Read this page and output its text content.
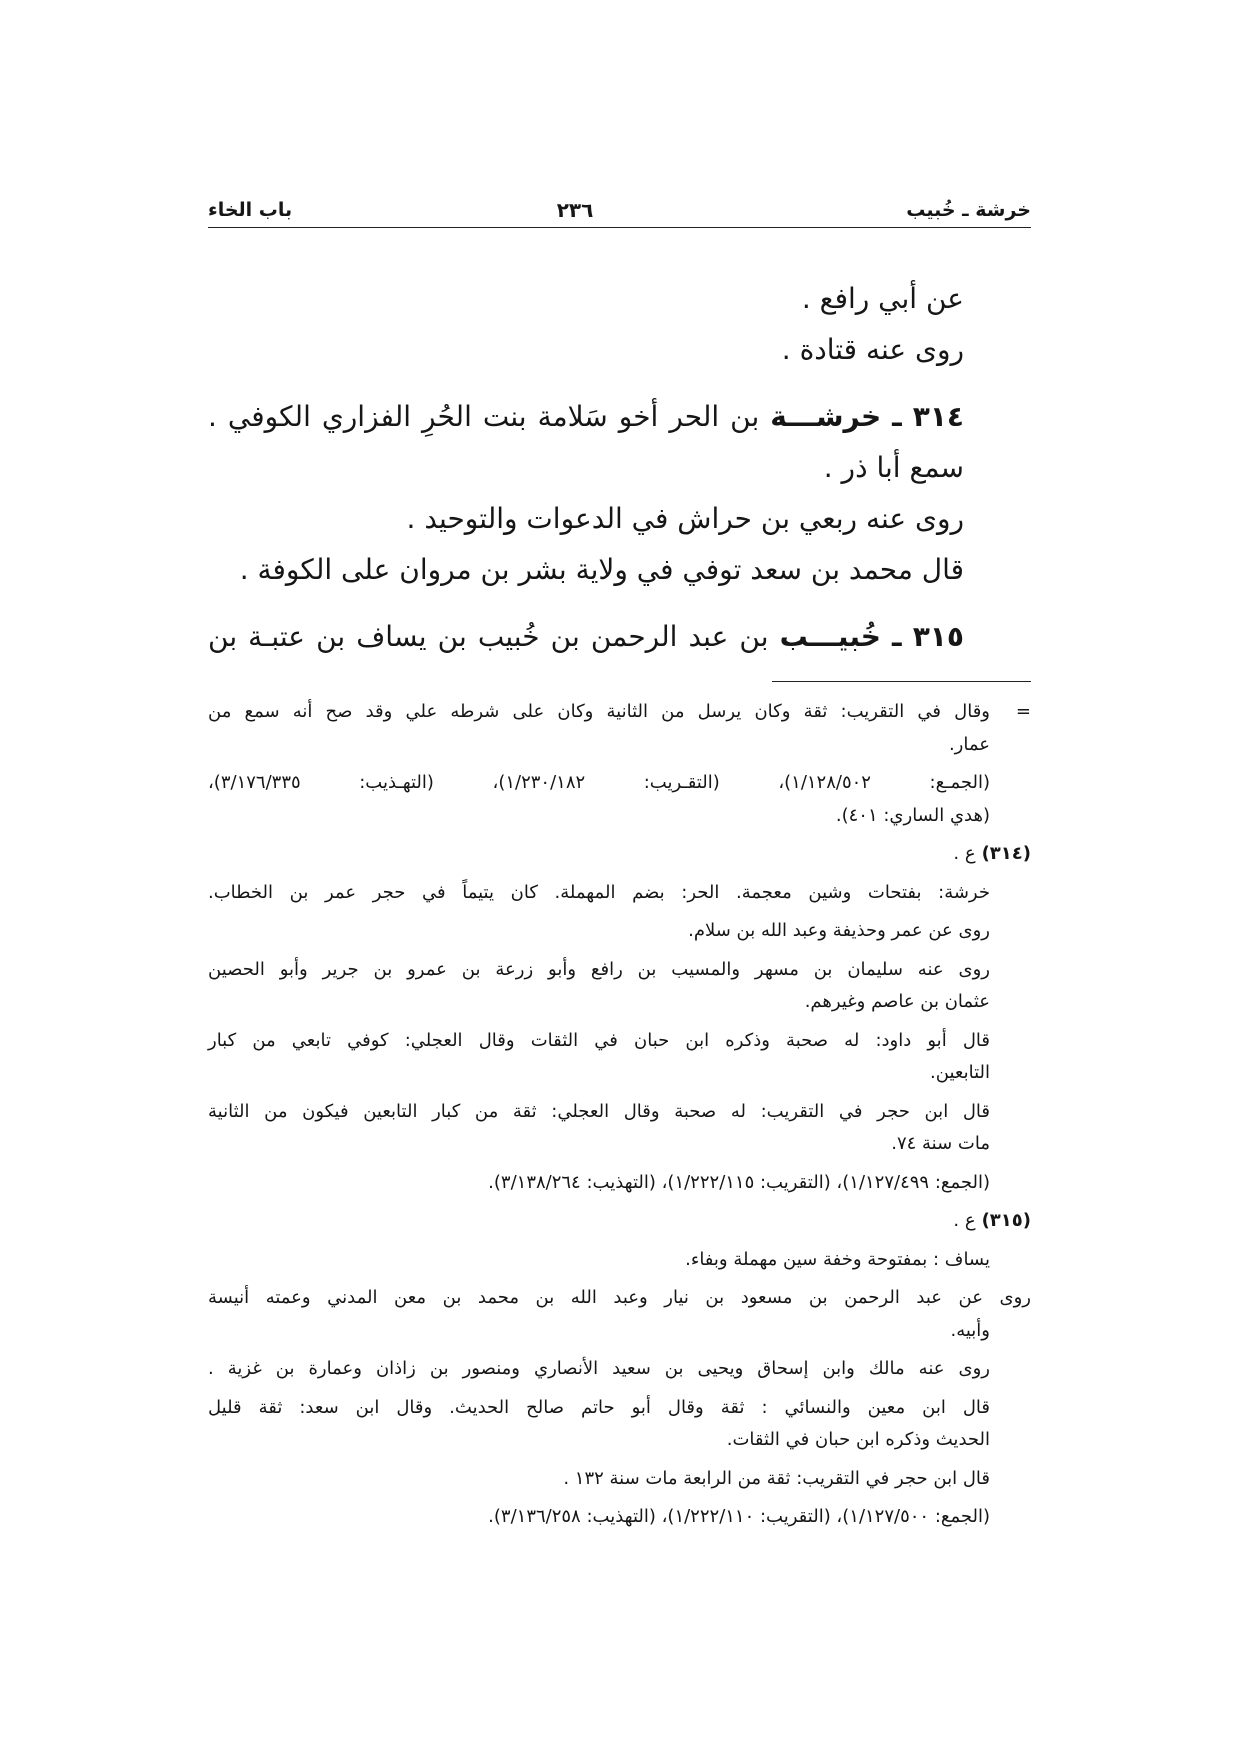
خرشة ـ خُبيب
٢٣٦
باب الخاء
عن أبي رافع .
روى عنه قتادة .
٣١٤ ـ خرشـــة بن الحر أخو سَلامة بنت الحُرِ الفزاري الكوفي .
سمع أبا ذر .
روى عنه ربعي بن حراش في الدعوات والتوحيد .
قال محمد بن سعد توفي في ولاية بشر بن مروان على الكوفة .
٣١٥ ـ خُبيـــب بن عبد الرحمن بن خُبيب بن يساف بن عتبـة بن
=
وقال في التقريب: ثقة وكان يرسل من الثانية وكان على شرطه علي وقد صح أنه سمع من
عمار.
(الجمـع: ١/١٢٨/٥٠٢)، (التقـريب: ١/٢٣٠/١٨٢)، (التهـذيب: ٣/١٧٦/٣٣٥)،
(هدي الساري: ٤٠١).
(٣١٤)
ع .
خرشة: بفتحات وشين معجمة. الحر: بضم المهملة. كان يتيماً في حجر عمر بن الخطاب.
روى عن عمر وحذيفة وعبد الله بن سلام.
روى عنه سليمان بن مسهر والمسيب بن رافع وأبو زرعة بن عمرو بن جرير وأبو الحصين
عثمان بن عاصم وغيرهم.
قال أبو داود: له صحبة وذكره ابن حبان في الثقات وقال العجلي: كوفي تابعي من كبار
التابعين.
قال ابن حجر في التقريب: له صحبة وقال العجلي: ثقة من كبار التابعين فيكون من الثانية
مات سنة ٧٤.
(الجمع: ١/١٢٧/٤٩٩)، (التقريب: ١/٢٢٢/١١٥)، (التهذيب: ٣/١٣٨/٢٦٤).
(٣١٥)
ع .
يساف : بمفتوحة وخفة سين مهملة وبفاء.
روى عن عبد الرحمن بن مسعود بن نيار وعبد الله بن محمد بن معن المدني وعمته أنيسة
وأبيه.
روى عنه مالك وابن إسحاق ويحيى بن سعيد الأنصاري ومنصور بن زاذان وعمارة بن غزية .
قال ابن معين والنسائي : ثقة وقال أبو حاتم صالح الحديث. وقال ابن سعد: ثقة قليل
الحديث وذكره ابن حبان في الثقات.
قال ابن حجر في التقريب: ثقة من الرابعة مات سنة ١٣٢ .
(الجمع: ١/١٢٧/٥٠٠)، (التقريب: ١/٢٢٢/١١٠)، (التهذيب: ٣/١٣٦/٢٥٨).
